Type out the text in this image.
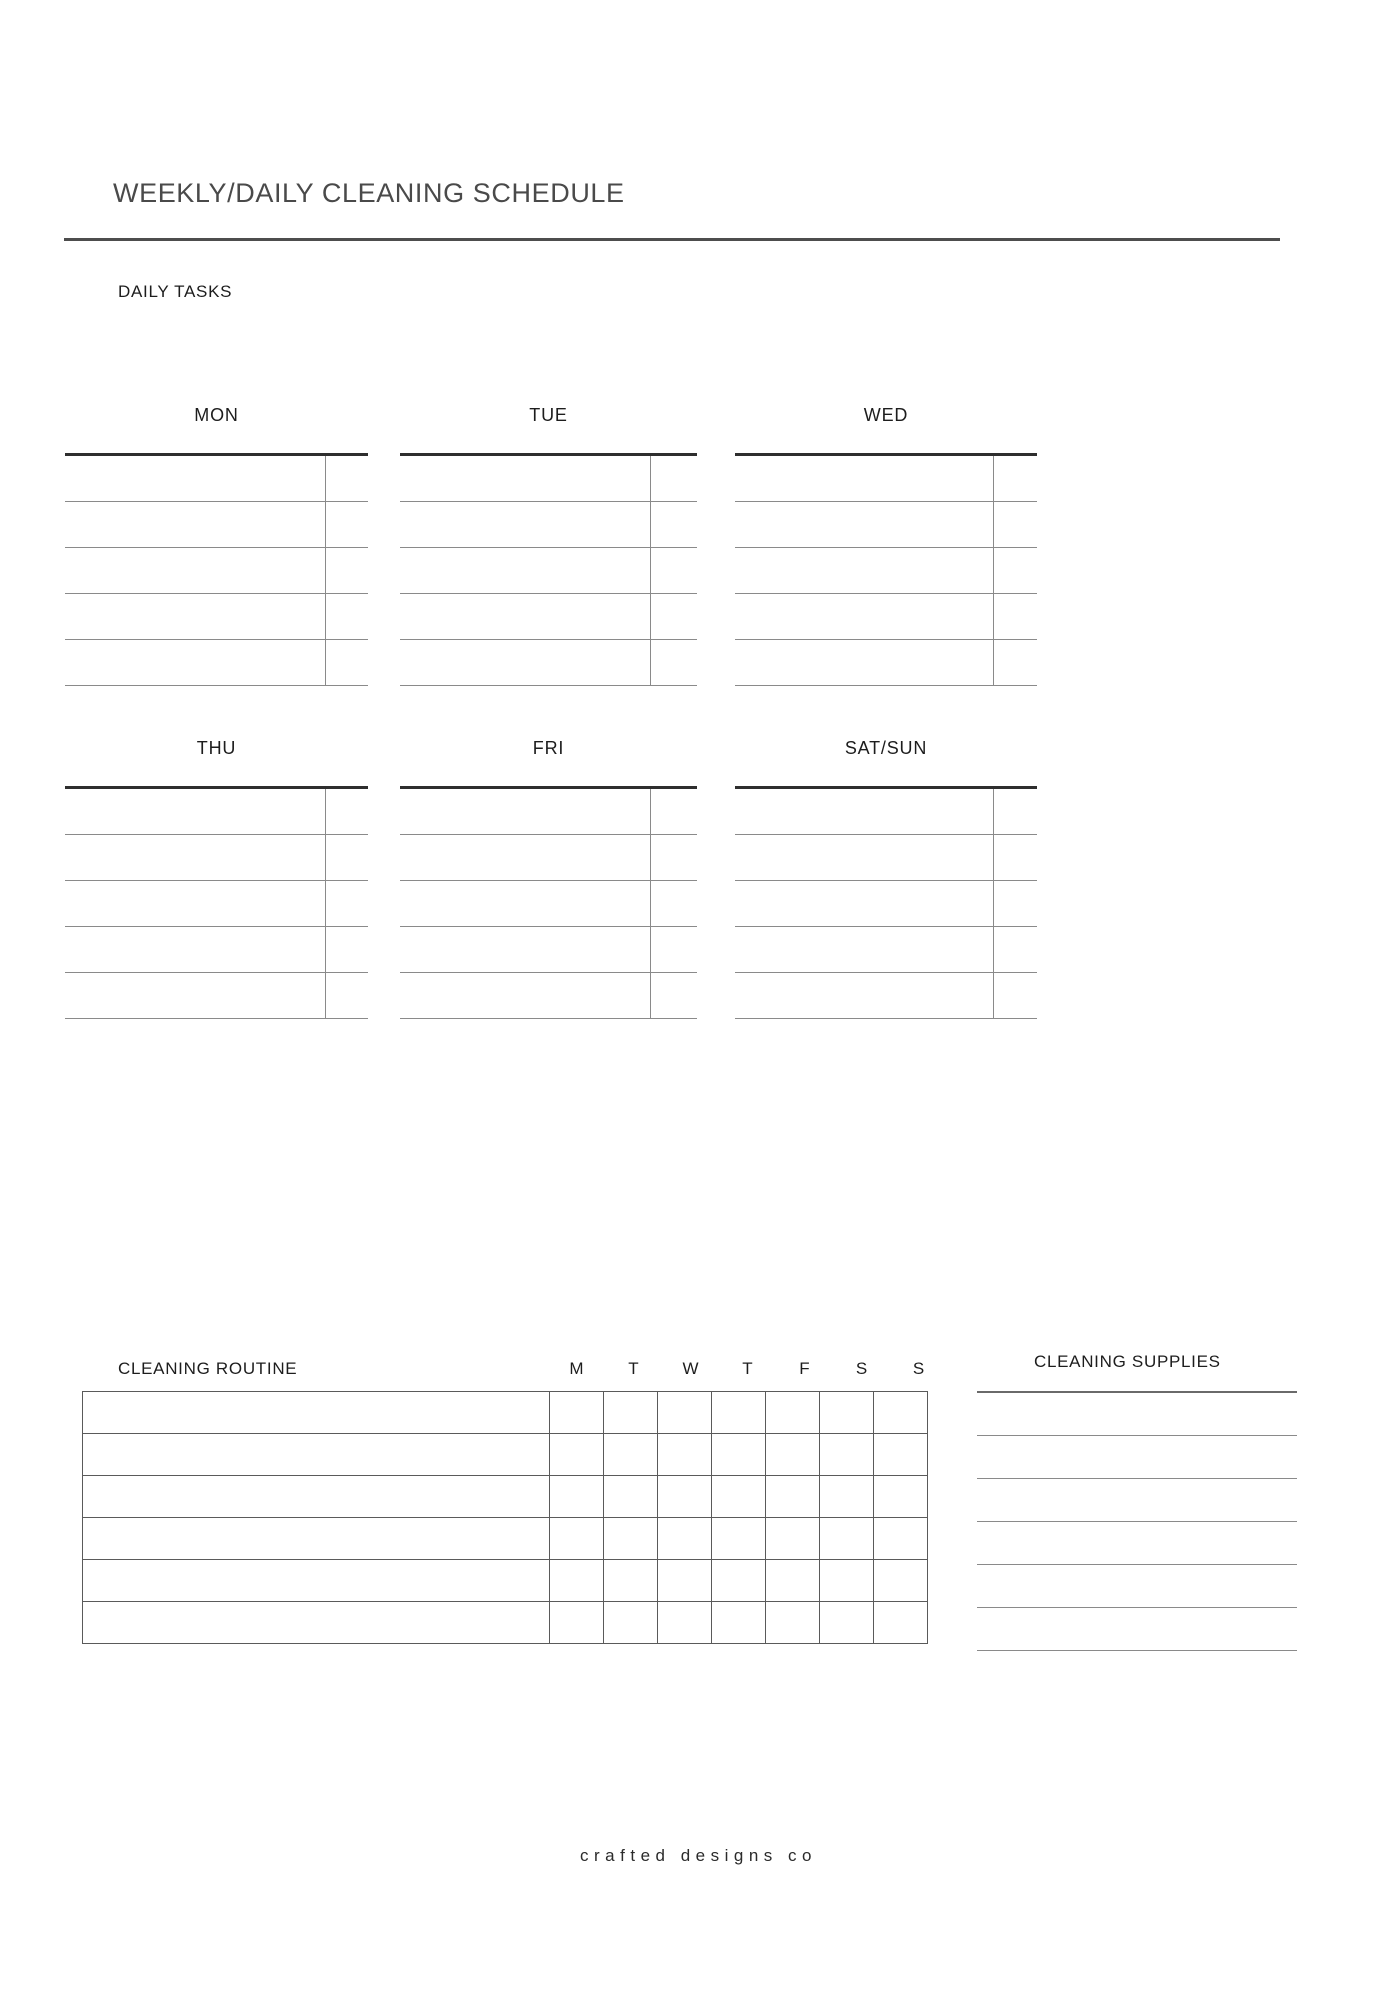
WEEKLY/DAILY CLEANING SCHEDULE
DAILY TASKS
MON	TUE	WED
THU	FRI	SAT/SUN
CLEANING ROUTINE	M	T	W	T	F	S	S

								CLEANING SUPPLIES
crafted designs co
